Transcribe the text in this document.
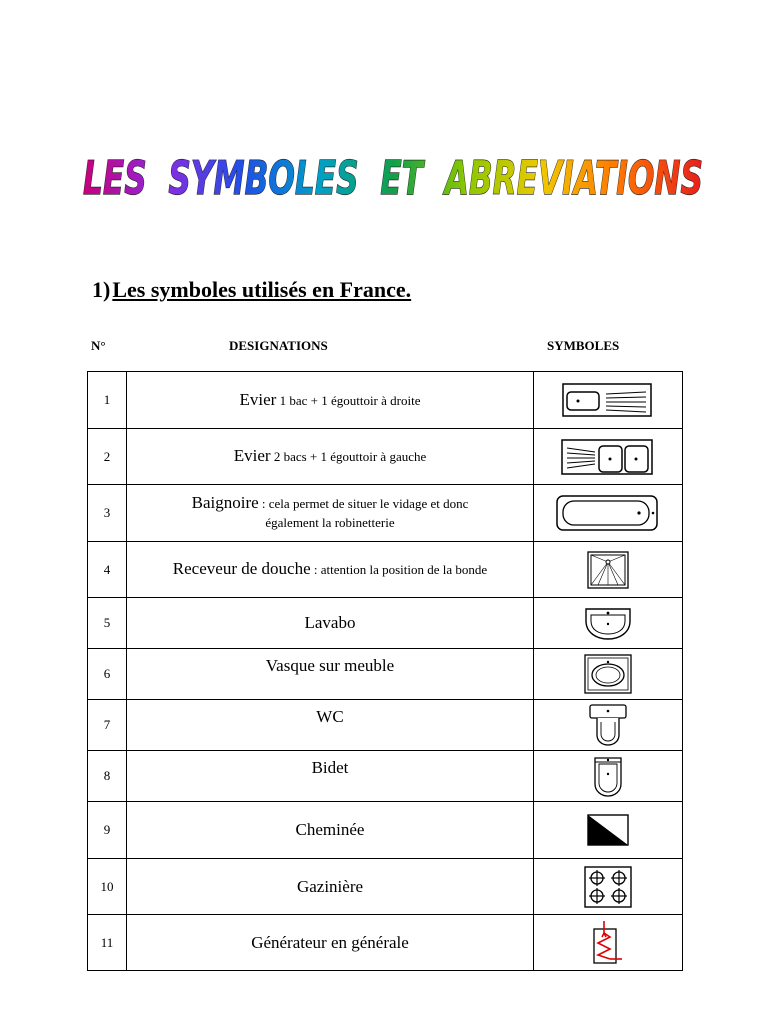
LES  SYMBOLES  ET  ABREVIATIONS
1)Les symboles utilisés en France.
N°	DESIGNATIONS	SYMBOLES
1	Evier 1 bac + 1 égouttoir à droite	

2	Evier 2 bacs + 1 égouttoir à gauche	

3	Baignoire : cela permet de situer le vidage et donc
également la robinetterie	

4	Receveur de douche : attention la position de la bonde	

5	Lavabo	

6	Vasque sur meuble	

7	WC	

8	Bidet	

9	Cheminée	

10	Gazinière	

11	Générateur en générale	
